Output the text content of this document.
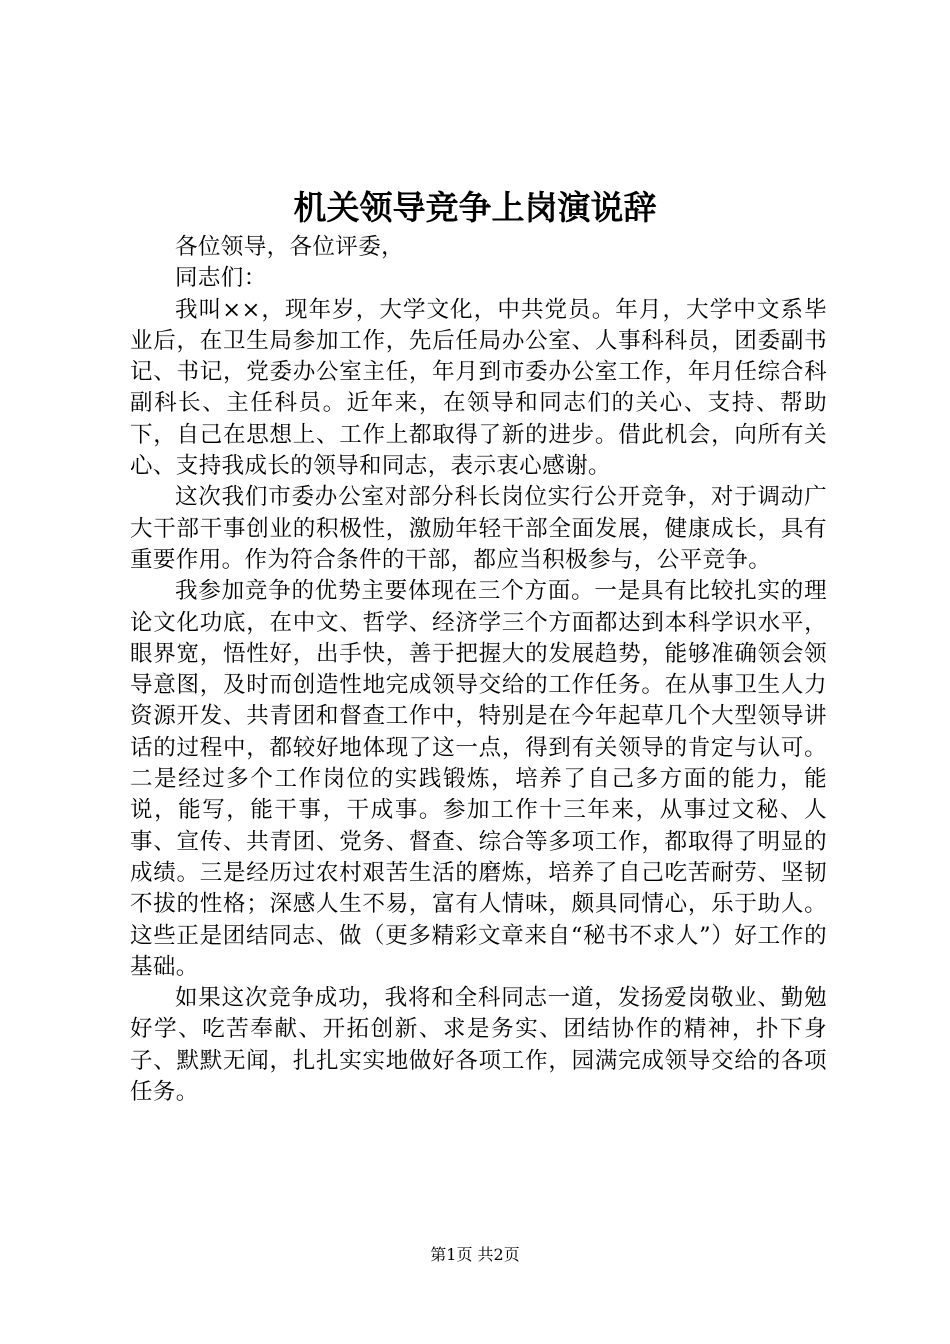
机关领导竞争上岗演说辞

各位领导，各位评委，

同志们：

我叫××，现年岁，大学文化，中共党员。年月，大学中文系毕业后，在卫生局参加工作，先后任局办公室、人事科科员，团委副书记、书记，党委办公室主任，年月到市委办公室工作，年月任综合科副科长、主任科员。近年来，在领导和同志们的关心、支持、帮助下，自己在思想上、工作上都取得了新的进步。借此机会，向所有关心、支持我成长的领导和同志，表示衷心感谢。

这次我们市委办公室对部分科长岗位实行公开竞争，对于调动广大干部干事创业的积极性，激励年轻干部全面发展，健康成长，具有重要作用。作为符合条件的干部，都应当积极参与，公平竞争。

我参加竞争的优势主要体现在三个方面。一是具有比较扎实的理论文化功底，在中文、哲学、经济学三个方面都达到本科学识水平，眼界宽，悟性好，出手快，善于把握大的发展趋势，能够准确领会领导意图，及时而创造性地完成领导交给的工作任务。在从事卫生人力资源开发、共青团和督查工作中，特别是在今年起草几个大型领导讲话的过程中，都较好地体现了这一点，得到有关领导的肯定与认可。二是经过多个工作岗位的实践锻炼，培养了自己多方面的能力，能说，能写，能干事，干成事。参加工作十三年来，从事过文秘、人事、宣传、共青团、党务、督查、综合等多项工作，都取得了明显的成绩。三是经历过农村艰苦生活的磨炼，培养了自己吃苦耐劳、坚韧不拔的性格；深感人生不易，富有人情味，颇具同情心，乐于助人。这些正是团结同志、做（更多精彩文章来自“秘书不求人”）好工作的基础。

如果这次竞争成功，我将和全科同志一道，发扬爱岗敬业、勤勉好学、吃苦奉献、开拓创新、求是务实、团结协作的精神，扑下身子、默默无闻，扎扎实实地做好各项工作，园满完成领导交给的各项任务。

第1页 共2页
